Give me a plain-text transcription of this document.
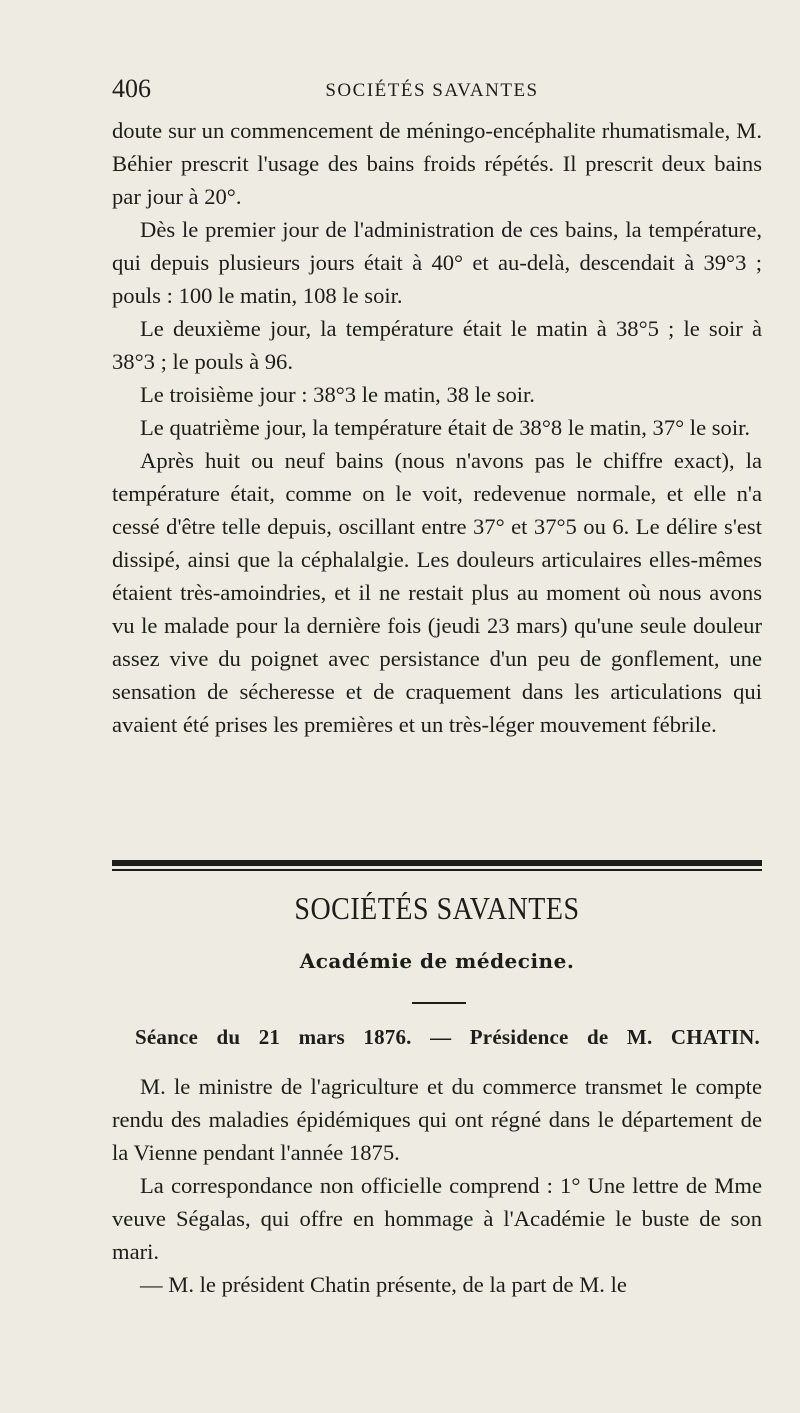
406	SOCIÉTÉS SAVANTES

doute sur un commencement de méningo-encéphalite rhumatismale, M. Béhier prescrit l'usage des bains froids répétés. Il prescrit deux bains par jour à 20°.

Dès le premier jour de l'administration de ces bains, la température, qui depuis plusieurs jours était à 40° et au-delà, descendait à 39°3 ; pouls : 100 le matin, 108 le soir.

Le deuxième jour, la température était le matin à 38°5 ; le soir à 38°3 ; le pouls à 96.

Le troisième jour : 38°3 le matin, 38 le soir.

Le quatrième jour, la température était de 38°8 le matin, 37° le soir.

Après huit ou neuf bains (nous n'avons pas le chiffre exact), la température était, comme on le voit, redevenue normale, et elle n'a cessé d'être telle depuis, oscillant entre 37° et 37°5 ou 6. Le délire s'est dissipé, ainsi que la céphalalgie. Les douleurs articulaires elles-mêmes étaient très-amoindries, et il ne restait plus au moment où nous avons vu le malade pour la dernière fois (jeudi 23 mars) qu'une seule douleur assez vive du poignet avec persistance d'un peu de gonflement, une sensation de sécheresse et de craquement dans les articulations qui avaient été prises les premières et un très-léger mouvement fébrile.

SOCIÉTÉS SAVANTES
Académie de médecine.
Séance du 21 mars 1876. — Présidence de M. CHATIN.

M. le ministre de l'agriculture et du commerce transmet le compte rendu des maladies épidémiques qui ont régné dans le département de la Vienne pendant l'année 1875.

La correspondance non officielle comprend : 1° Une lettre de Mme veuve Ségalas, qui offre en hommage à l'Académie le buste de son mari.

— M. le président Chatin présente, de la part de M. le
